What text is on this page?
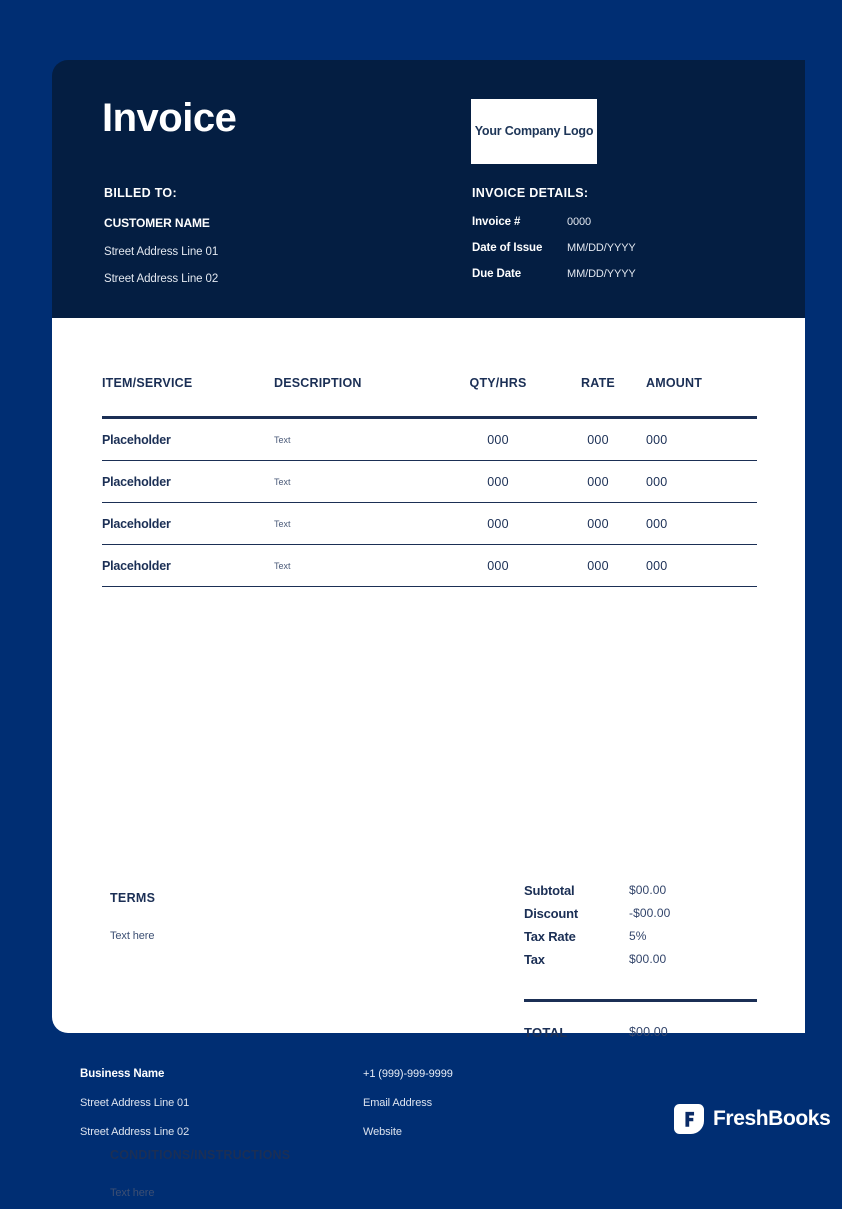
Invoice
BILLED TO:
CUSTOMER NAME
Street Address Line 01
Street Address Line 02
Your Company Logo
INVOICE DETAILS:
Invoice #	0000
Date of Issue	MM/DD/YYYY
Due Date	MM/DD/YYYY
ITEM/SERVICE	DESCRIPTION	QTY/HRS	RATE	AMOUNT
Placeholder	Text	000	000	000
Placeholder	Text	000	000	000
Placeholder	Text	000	000	000
Placeholder	Text	000	000	000
TERMS
Text here
Subtotal	$00.00
Discount	-$00.00
Tax Rate	5%
Tax	$00.00
TOTAL	$00.00
CONDITIONS/INSTRUCTIONS
Text here
Business Name
Street Address Line 01
Street Address Line 02
+1 (999)-999-9999
Email Address
Website
FreshBooks
